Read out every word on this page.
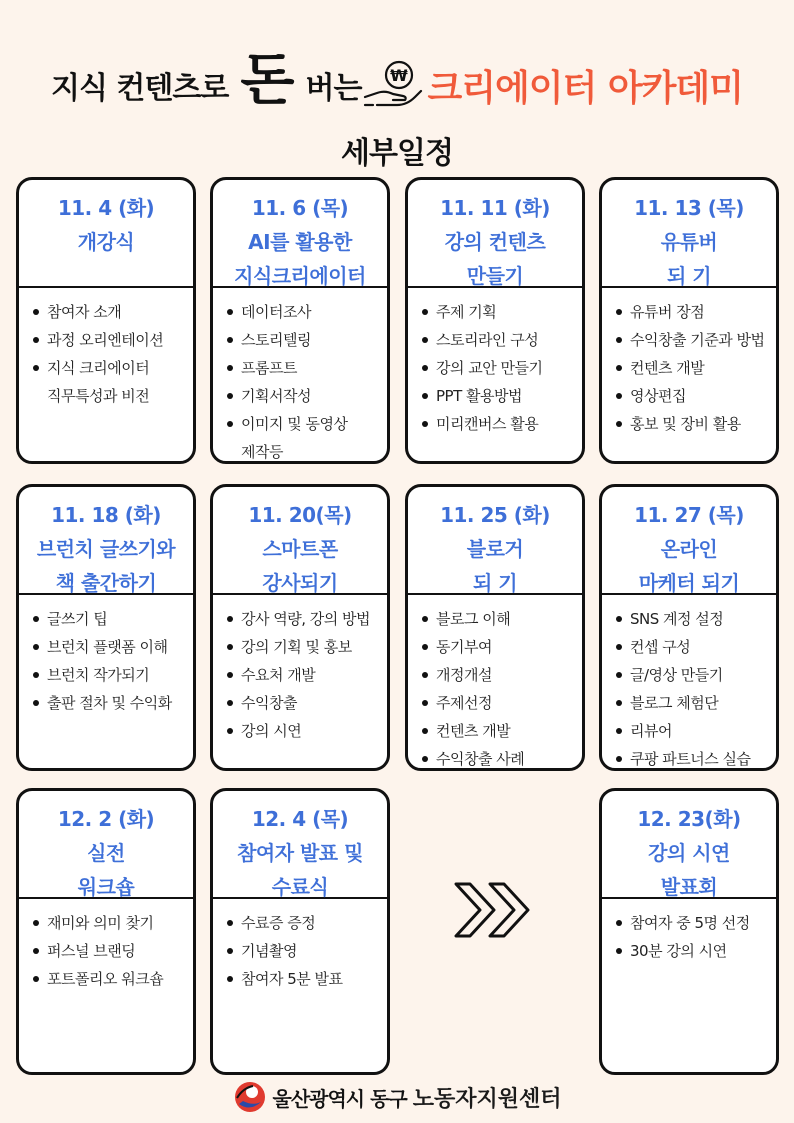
지식 컨텐츠로 돈 버는 ₩ 크리에이터 아카데미
세부일정
11. 4 (화)
개강식
참여자 소개
과정 오리엔테이션
지식 크리에이터
직무특성과 비전
11. 6 (목)
AI를 활용한
지식크리에이터
데이터조사
스토리텔링
프롬프트
기획서작성
이미지 및 동영상
제작등
11. 11 (화)
강의 컨텐츠
만들기
주제 기획
스토리라인 구성
강의 교안 만들기
PPT 활용방법
미리캔버스 활용
11. 13 (목)
유튜버
되 기
유튜버 장점
수익창출 기준과 방법
컨텐츠 개발
영상편집
홍보 및 장비 활용
11. 18 (화)
브런치 글쓰기와
책 출간하기
글쓰기 팁
브런치 플랫폼 이해
브런치 작가되기
출판 절차 및 수익화
11. 20(목)
스마트폰
강사되기
강사 역량, 강의 방법
강의 기획 및 홍보
수요처 개발
수익창출
강의 시연
11. 25 (화)
블로거
되 기
블로그 이해
동기부여
개정개설
주제선정
컨텐츠 개발
수익창출 사례
11. 27 (목)
온라인
마케터 되기
SNS 계정 설정
컨셉 구성
글/영상 만들기
블로그 체험단
리뷰어
쿠팡 파트너스 실습
12. 2 (화)
실전
워크숍
재미와 의미 찾기
퍼스널 브랜딩
포트폴리오 워크숍
12. 4 (목)
참여자 발표 및
수료식
수료증 증정
기념촬영
참여자 5분 발표
12. 23(화)
강의 시연
발표회
참여자 중 5명 선정
30분 강의 시연
울산광역시 동구 노동자지원센터
